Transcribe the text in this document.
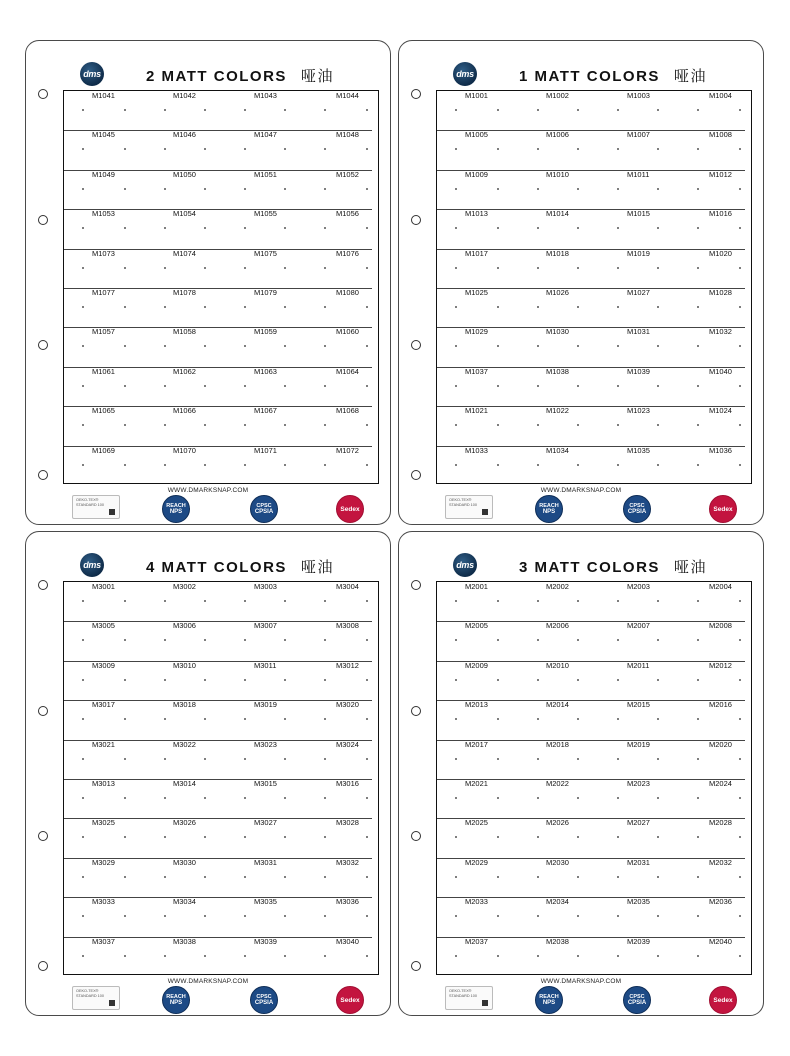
dms	2 MATT COLORS 哑油
M1041	M1042	M1043	M1044
M1045	M1046	M1047	M1048
M1049	M1050	M1051	M1052
M1053	M1054	M1055	M1056
M1073	M1074	M1075	M1076
M1077	M1078	M1079	M1080
M1057	M1058	M1059	M1060
M1061	M1062	M1063	M1064
M1065	M1066	M1067	M1068
M1069	M1070	M1071	M1072
WWW.DMARKSNAP.COM
OEKO-TEX® STANDARD 100	REACH
NPS
CPSC
CPSIA	Sedex
dms	1 MATT COLORS 哑油
M1001	M1002	M1003	M1004
M1005	M1006	M1007	M1008
M1009	M1010	M1011	M1012
M1013	M1014	M1015	M1016
M1017	M1018	M1019	M1020
M1025	M1026	M1027	M1028
M1029	M1030	M1031	M1032
M1037	M1038	M1039	M1040
M1021	M1022	M1023	M1024
M1033	M1034	M1035	M1036
WWW.DMARKSNAP.COM
OEKO-TEX® STANDARD 100	REACH
NPS
CPSC
CPSIA	Sedex
dms	4 MATT COLORS 哑油
M3001	M3002	M3003	M3004
M3005	M3006	M3007	M3008
M3009	M3010	M3011	M3012
M3017	M3018	M3019	M3020
M3021	M3022	M3023	M3024
M3013	M3014	M3015	M3016
M3025	M3026	M3027	M3028
M3029	M3030	M3031	M3032
M3033	M3034	M3035	M3036
M3037	M3038	M3039	M3040
WWW.DMARKSNAP.COM
OEKO-TEX® STANDARD 100	REACH
NPS
CPSC
CPSIA	Sedex
dms	3 MATT COLORS 哑油
M2001	M2002	M2003	M2004
M2005	M2006	M2007	M2008
M2009	M2010	M2011	M2012
M2013	M2014	M2015	M2016
M2017	M2018	M2019	M2020
M2021	M2022	M2023	M2024
M2025	M2026	M2027	M2028
M2029	M2030	M2031	M2032
M2033	M2034	M2035	M2036
M2037	M2038	M2039	M2040
WWW.DMARKSNAP.COM
OEKO-TEX® STANDARD 100	REACH
NPS
CPSC
CPSIA	Sedex
